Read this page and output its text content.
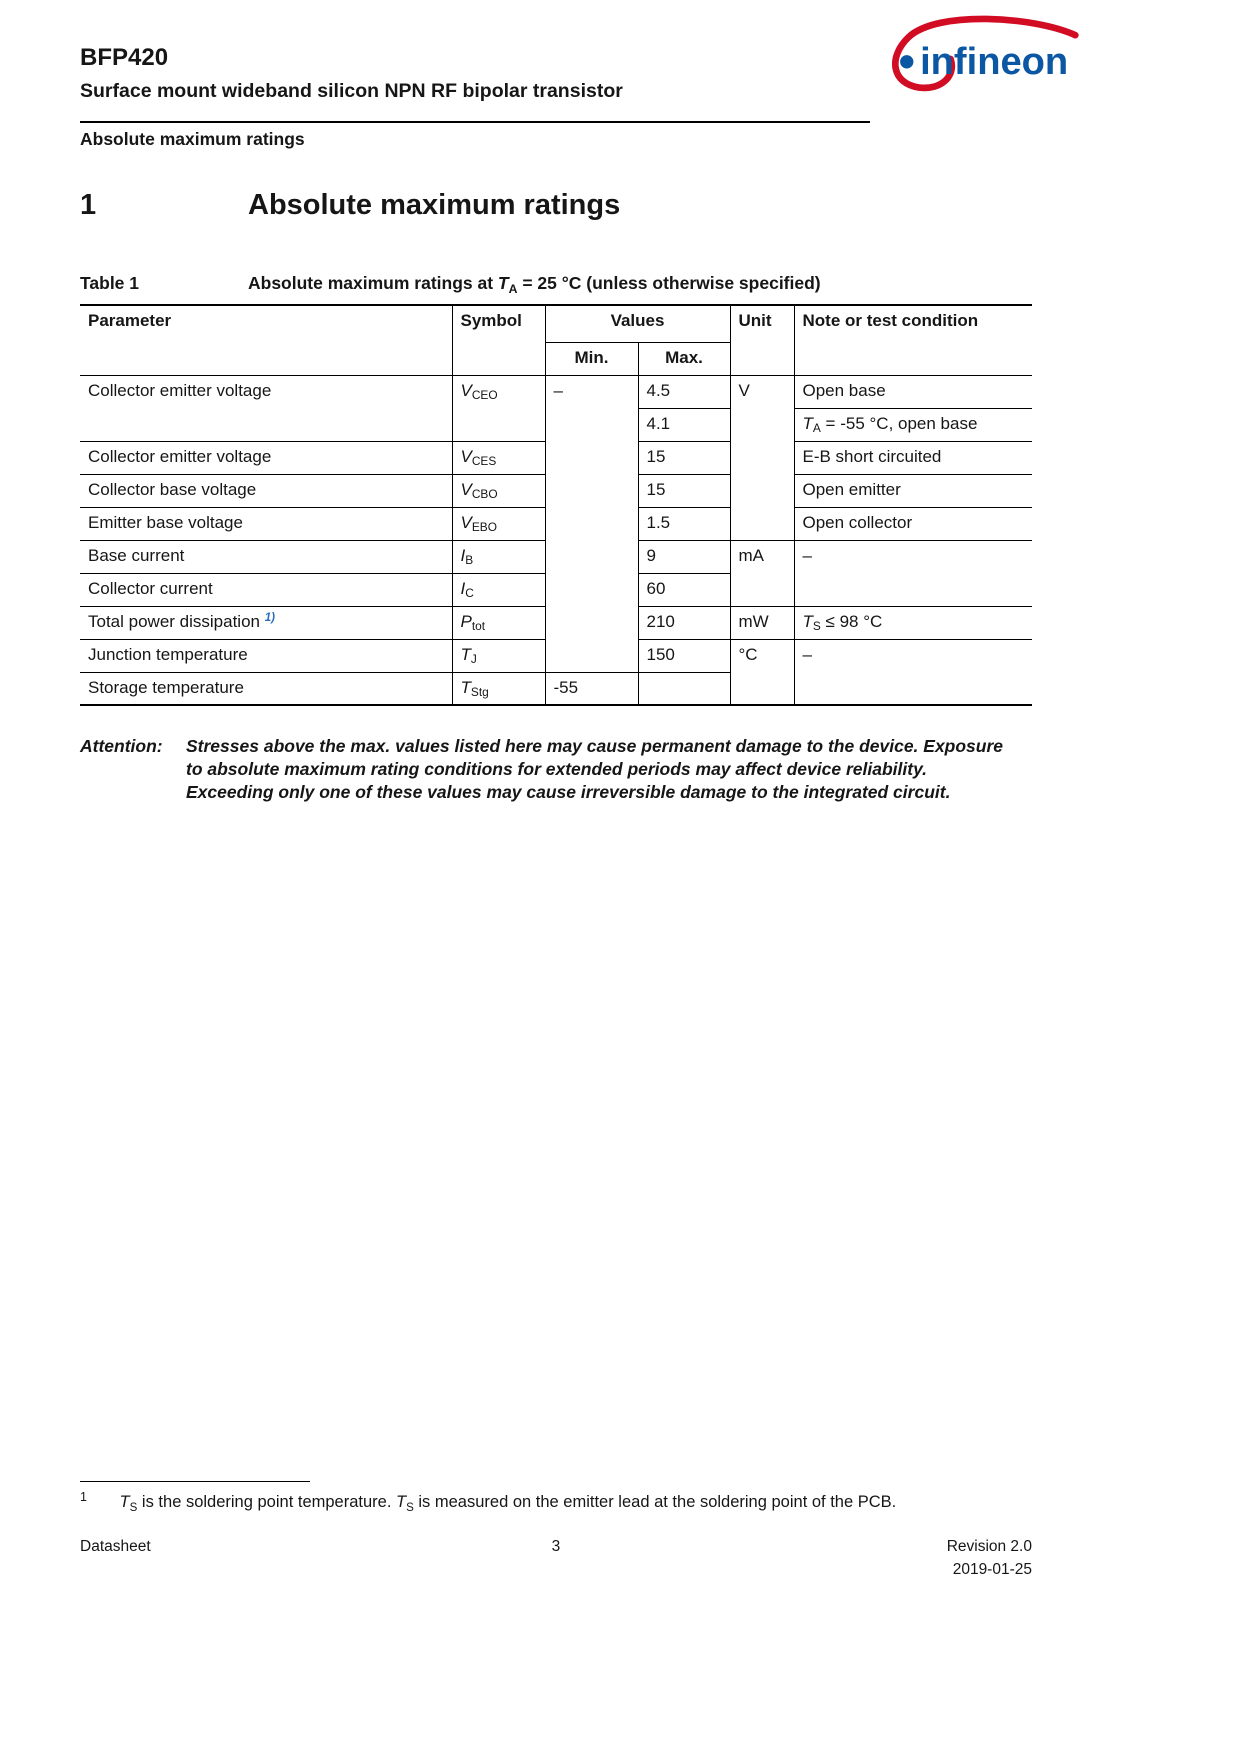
BFP420
Surface mount wideband silicon NPN RF bipolar transistor
infineon
Absolute maximum ratings
1	Absolute maximum ratings
Table 1	Absolute maximum ratings at $T_A = 25$ °C (unless otherwise specified)
Parameter	Symbol	Values		Unit	Note or test condition
		Min.	Max.		
Collector emitter voltage	$V_{CEO}$	–	4.5	V	Open base
			4.1		$T_A = -55$ °C, open base
Collector emitter voltage	$V_{CES}$		15		E-B short circuited
Collector base voltage	$V_{CBO}$		15		Open emitter
Emitter base voltage	$V_{EBO}$		1.5		Open collector
Base current	$I_B$		9	mA	–
Collector current	$I_C$		60		
Total power dissipation $^{1)}$	$P_{tot}$		210	mW	$T_S \le 98$ °C
Junction temperature	$T_J$		150	°C	–
Storage temperature	$T_{Stg}$	-55			
Attention:	Stresses above the max. values listed here may cause permanent damage to the device. Exposure to absolute maximum rating conditions for extended periods may affect device reliability. Exceeding only one of these values may cause irreversible damage to the integrated circuit.
$^1$ $T_S$ is the soldering point temperature. $T_S$ is measured on the emitter lead at the soldering point of the PCB.
Datasheet	3	Revision 2.0
2019-01-25
